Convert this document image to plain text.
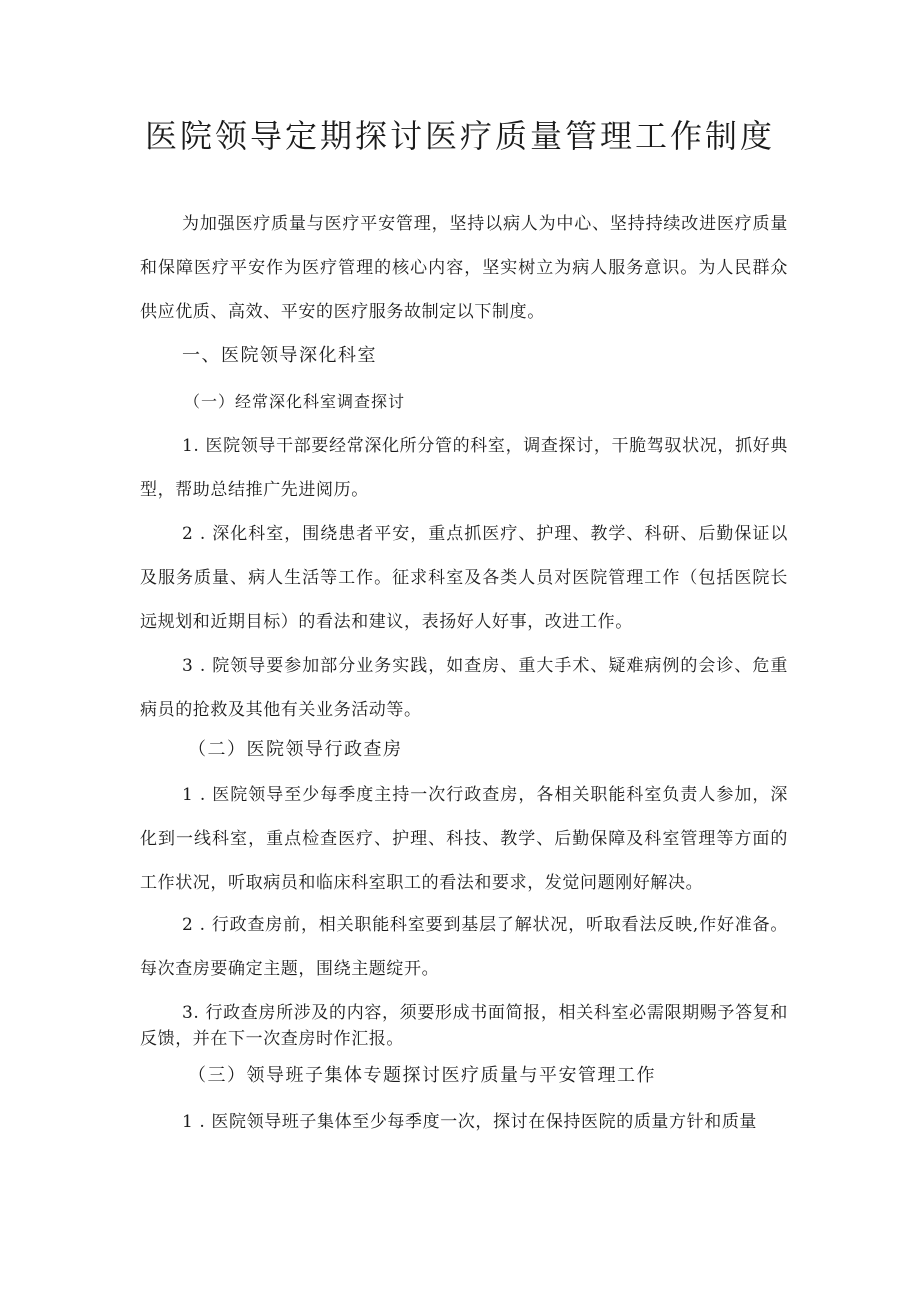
医院领导定期探讨医疗质量管理工作制度
为加强医疗质量与医疗平安管理，坚持以病人为中心、坚持持续改进医疗质量和保障医疗平安作为医疗管理的核心内容，坚实树立为病人服务意识。为人民群众供应优质、高效、平安的医疗服务故制定以下制度。
一、医院领导深化科室
（一）经常深化科室调查探讨
1. 医院领导干部要经常深化所分管的科室，调查探讨，干脆驾驭状况，抓好典型，帮助总结推广先进阅历。
2 . 深化科室，围绕患者平安，重点抓医疗、护理、教学、科研、后勤保证以及服务质量、病人生活等工作。征求科室及各类人员对医院管理工作（包括医院长远规划和近期目标）的看法和建议，表扬好人好事，改进工作。
3 . 院领导要参加部分业务实践，如查房、重大手术、疑难病例的会诊、危重病员的抢救及其他有关业务活动等。
（二）医院领导行政查房
1 . 医院领导至少每季度主持一次行政查房，各相关职能科室负责人参加，深化到一线科室，重点检查医疗、护理、科技、教学、后勤保障及科室管理等方面的工作状况，听取病员和临床科室职工的看法和要求，发觉问题刚好解决。
2 . 行政查房前，相关职能科室要到基层了解状况，听取看法反映,作好准备。每次查房要确定主题，围绕主题绽开。
3. 行政查房所涉及的内容，须要形成书面简报，相关科室必需限期赐予答复和反馈，并在下一次查房时作汇报。
（三）领导班子集体专题探讨医疗质量与平安管理工作
1 . 医院领导班子集体至少每季度一次，探讨在保持医院的质量方针和质量
